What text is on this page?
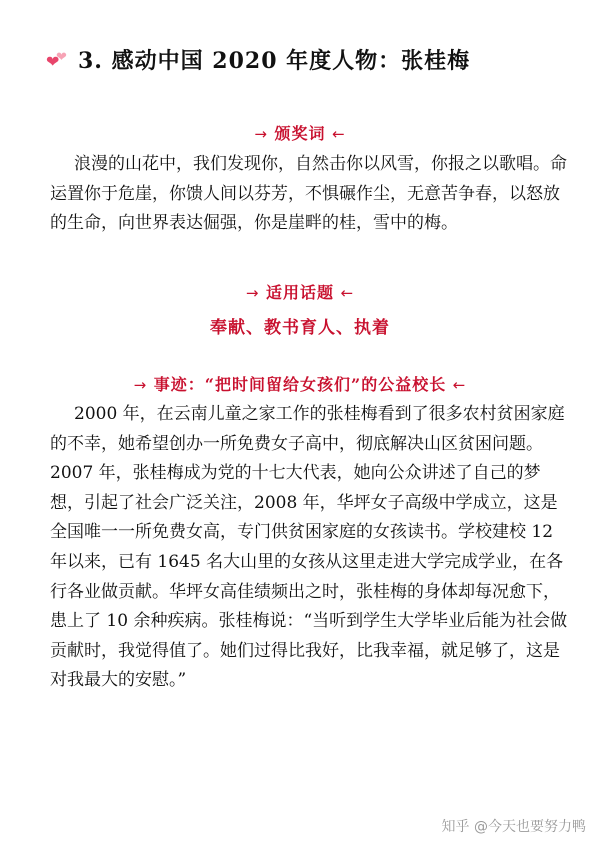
❤
❤ 3. 感动中国 2020 年度人物：张桂梅
→ 颁奖词 ←

浪漫的山花中，我们发现你，自然击你以风雪，你报之以歌唱。命运置你于危崖，你馈人间以芬芳，不惧碾作尘，无意苦争春，以怒放的生命，向世界表达倔强，你是崖畔的桂，雪中的梅。

→ 适用话题 ←
奉献、教书育人、执着
→ 事迹：“把时间留给女孩们”的公益校长 ←

2000 年，在云南儿童之家工作的张桂梅看到了很多农村贫困家庭的不幸，她希望创办一所免费女子高中，彻底解决山区贫困问题。2007 年，张桂梅成为党的十七大代表，她向公众讲述了自己的梦想，引起了社会广泛关注，2008 年，华坪女子高级中学成立，这是全国唯一一所免费女高，专门供贫困家庭的女孩读书。学校建校 12 年以来，已有 1645 名大山里的女孩从这里走进大学完成学业，在各行各业做贡献。华坪女高佳绩频出之时，张桂梅的身体却每况愈下，患上了 10 余种疾病。张桂梅说：“当听到学生大学毕业后能为社会做贡献时，我觉得值了。她们过得比我好，比我幸福，就足够了，这是对我最大的安慰。”

知乎 @今天也要努力鸭
